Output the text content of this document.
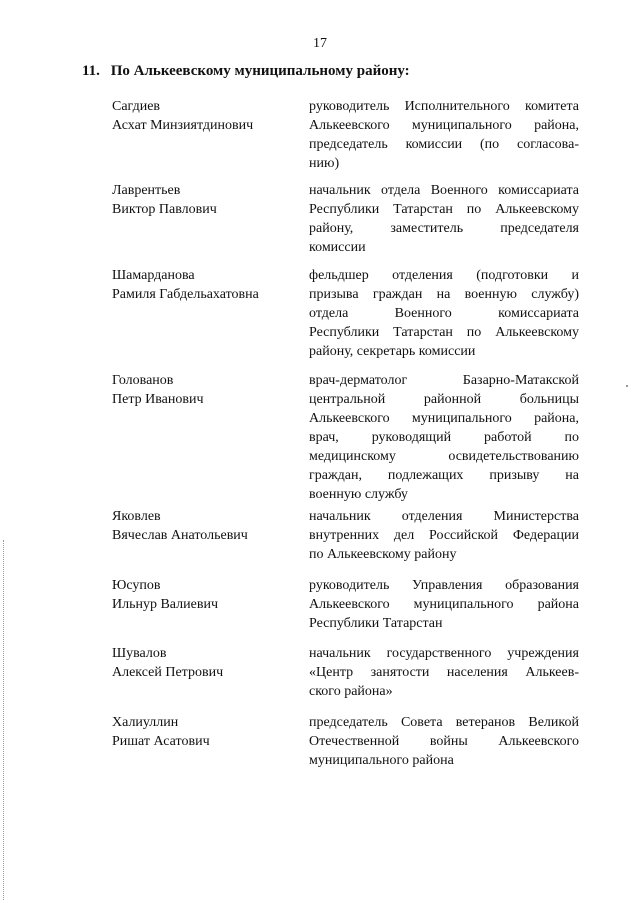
17
11. По Алькеевскому муниципальному району:
Сагдиев
Асхат Минзиятдинович
руководитель Исполнительного комитета
Алькеевского муниципального района,
председатель комиссии (по согласова-
нию)
Лаврентьев
Виктор Павлович
начальник отдела Военного комиссариата
Республики Татарстан по Алькеевскому
району, заместитель председателя
комиссии
Шамарданова
Рамиля Габдельахатовна
фельдшер отделения (подготовки и
призыва граждан на военную службу)
отдела Военного комиссариата
Республики Татарстан по Алькеевскому
району, секретарь комиссии
Голованов
Петр Иванович
врач-дерматолог Базарно-Матакской
центральной районной больницы
Алькеевского муниципального района,
врач, руководящий работой по
медицинскому освидетельствованию
граждан, подлежащих призыву на
военную службу
Яковлев
Вячеслав Анатольевич
начальник отделения Министерства
внутренних дел Российской Федерации
по Алькеевскому району
Юсупов
Ильнур Валиевич
руководитель Управления образования
Алькеевского муниципального района
Республики Татарстан
Шувалов
Алексей Петрович
начальник государственного учреждения
«Центр занятости населения Алькеев-
ского района»
Халиуллин
Ришат Асатович
председатель Совета ветеранов Великой
Отечественной войны Алькеевского
муниципального района
